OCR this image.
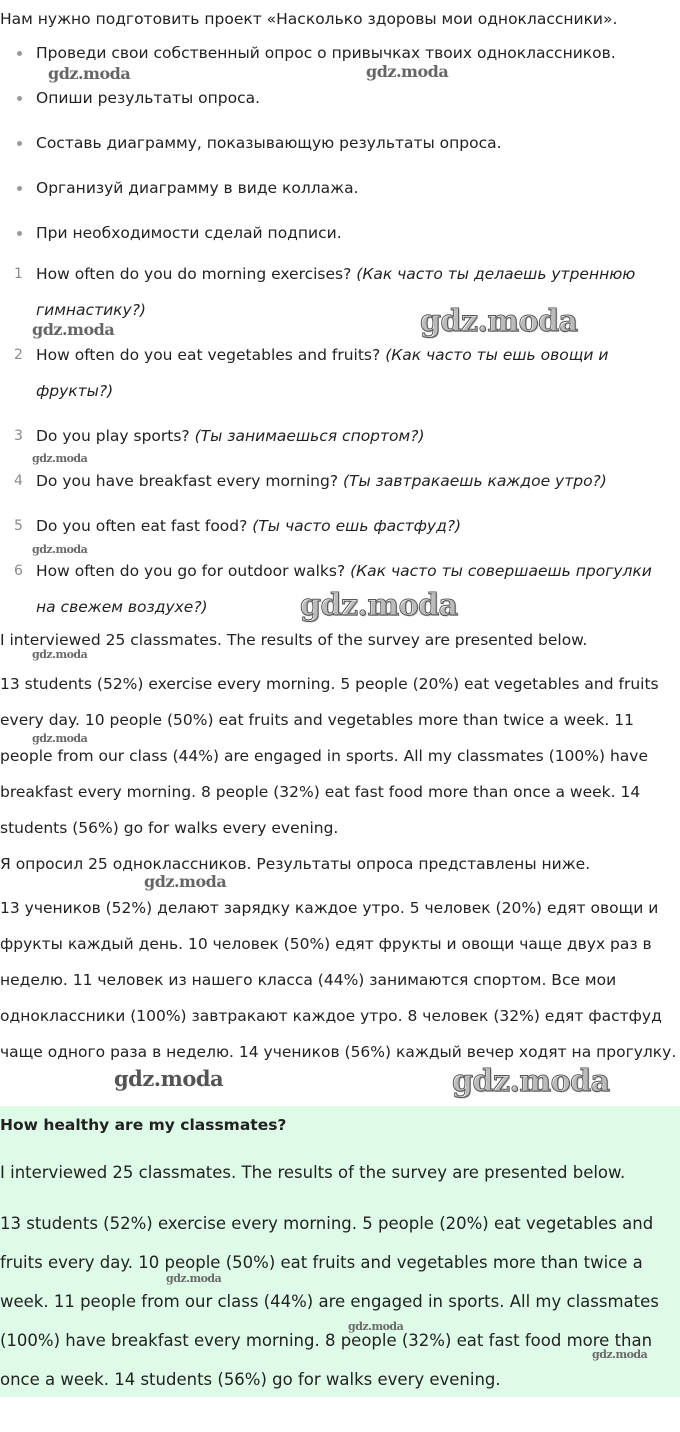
Нам нужно подготовить проект «Насколько здоровы мои одноклассники».

Проведи свои собственный опрос о привычках твоих одноклассников.
Опиши результаты опроса.
Составь диаграмму, показывающую результаты опроса.
Организуй диаграмму в виде коллажа.
При необходимости сделай подписи.
1 How often do you do morning exercises? (Как часто ты делаешь утреннюю гимнастику?)
2 How often do you eat vegetables and fruits? (Как часто ты ешь овощи и фрукты?)
3 Do you play sports? (Ты занимаешься спортом?)
4 Do you have breakfast every morning? (Ты завтракаешь каждое утро?)
5 Do you often eat fast food? (Ты часто ешь фастфуд?)
6 How often do you go for outdoor walks? (Как часто ты совершаешь прогулки на свежем воздухе?)

I interviewed 25 classmates. The results of the survey are presented below.

13 students (52%) exercise every morning. 5 people (20%) eat vegetables and fruits every day. 10 people (50%) eat fruits and vegetables more than twice a week. 11 people from our class (44%) are engaged in sports. All my classmates (100%) have breakfast every morning. 8 people (32%) eat fast food more than once a week. 14 students (56%) go for walks every evening.

Я опросил 25 одноклассников. Результаты опроса представлены ниже.

13 учеников (52%) делают зарядку каждое утро. 5 человек (20%) едят овощи и фрукты каждый день. 10 человек (50%) едят фрукты и овощи чаще двух раз в неделю. 11 человек из нашего класса (44%) занимаются спортом. Все мои одноклассники (100%) завтракают каждое утро. 8 человек (32%) едят фастфуд чаще одного раза в неделю. 14 учеников (56%) каждый вечер ходят на прогулку.

How healthy are my classmates?

I interviewed 25 classmates. The results of the survey are presented below.

13 students (52%) exercise every morning. 5 people (20%) eat vegetables and fruits every day. 10 people (50%) eat fruits and vegetables more than twice a week. 11 people from our class (44%) are engaged in sports. All my classmates (100%) have breakfast every morning. 8 people (32%) eat fast food more than once a week. 14 students (56%) go for walks every evening.

gdz.moda	gdz.moda
gdz.moda	gdz.moda
gdz.moda
gdz.moda
gdz.moda
gdz.moda
gdz.moda
gdz.moda
gdz.moda	gdz.moda
gdz.moda
gdz.moda
gdz.moda
